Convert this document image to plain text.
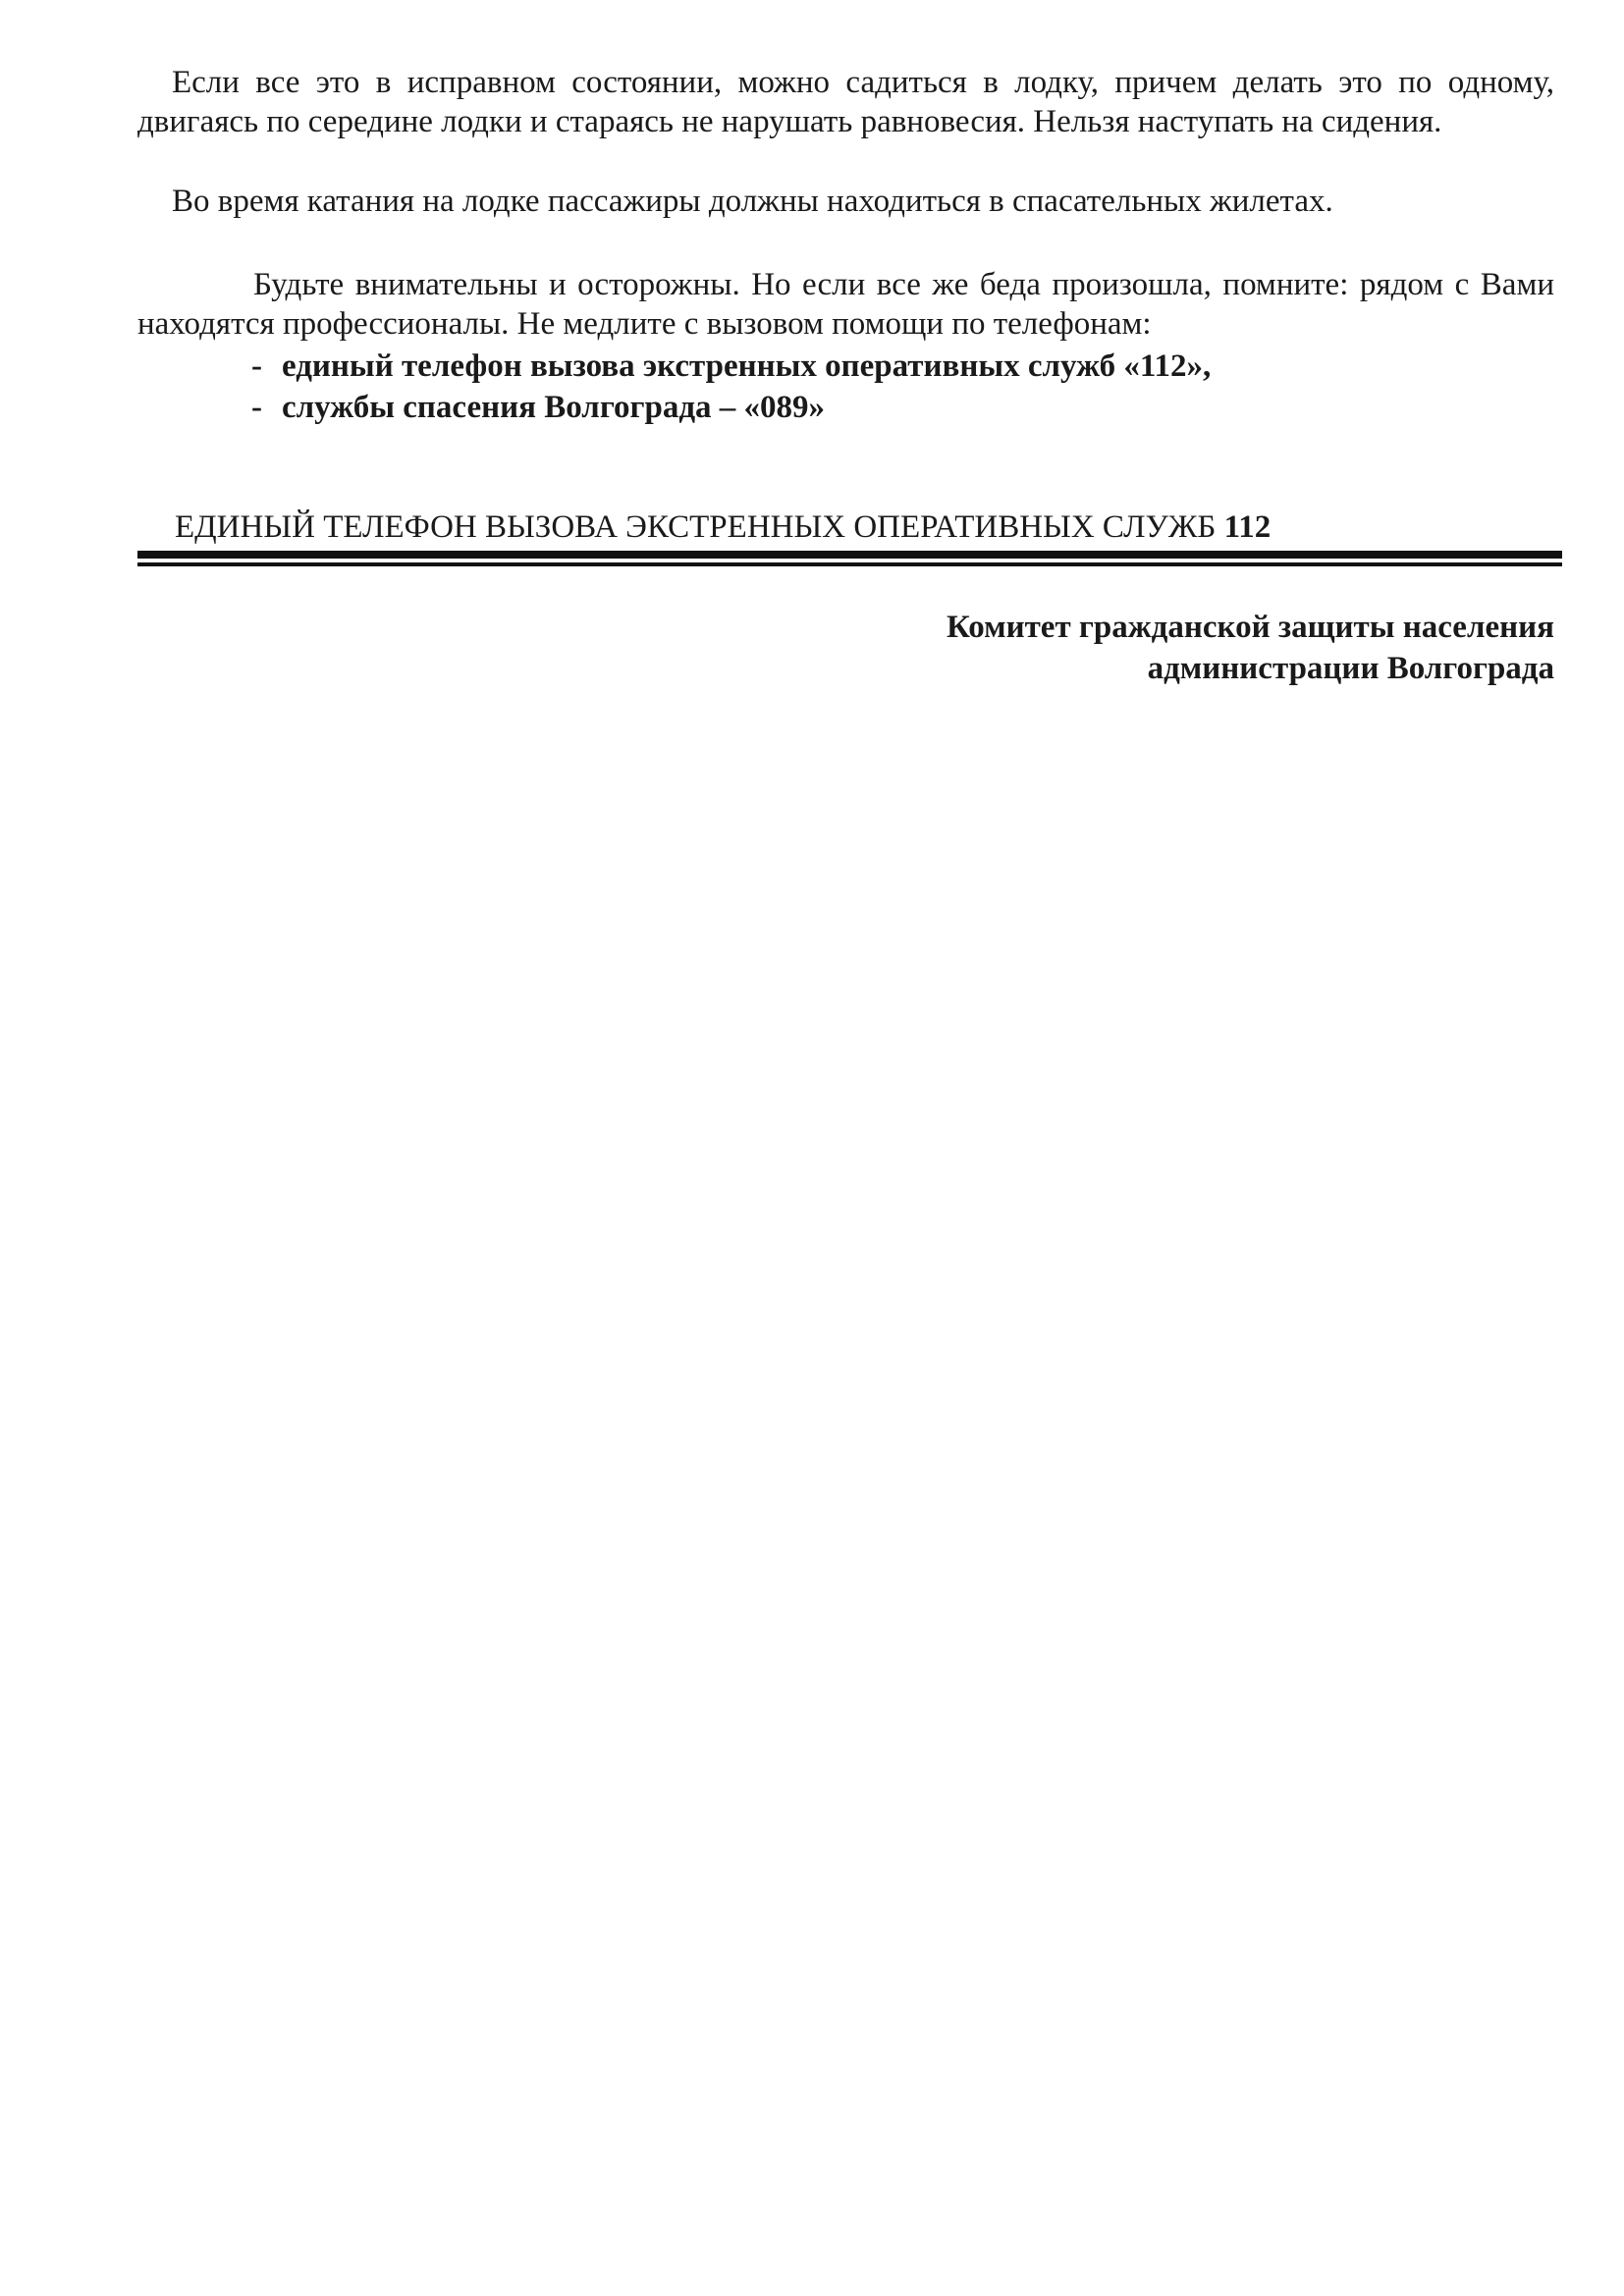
Если все это в исправном состоянии, можно садиться в лодку, причем делать это по одному, двигаясь по середине лодки и стараясь не нарушать равновесия. Нельзя наступать на сидения.

Во время катания на лодке пассажиры должны находиться в спасательных жилетах.

Будьте внимательны и осторожны. Но если все же беда произошла, помните: рядом с Вами находятся профессионалы. Не медлите с вызовом помощи по телефонам:

- единый телефон вызова экстренных оперативных служб «112»,
- службы спасения Волгограда – «089»
ЕДИНЫЙ ТЕЛЕФОН ВЫЗОВА ЭКСТРЕННЫХ ОПЕРАТИВНЫХ СЛУЖБ 112
Комитет гражданской защиты населения
администрации Волгограда
